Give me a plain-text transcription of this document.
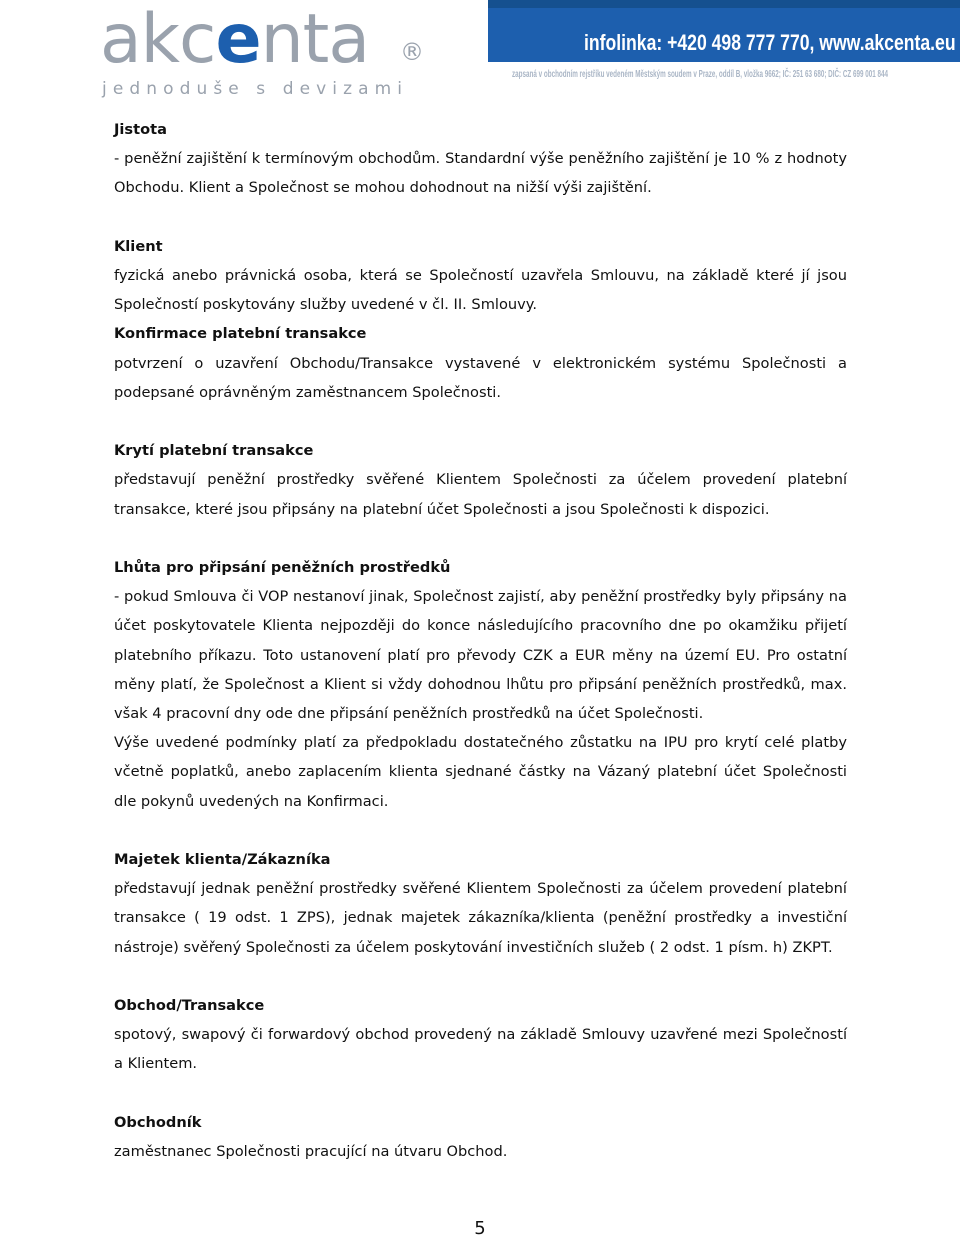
akcenta ®
jednoduše s devizami
infolinka: +420 498 777 770, www.akcenta.eu
zapsaná v obchodním rejstříku vedeném Městským soudem v Praze, oddíl B, vložka 9662; IČ: 251 63 680; DIČ: CZ 699 001 844

Jistota

- peněžní zajištění k termínovým obchodům. Standardní výše peněžního zajištění je 10 % z hodnoty Obchodu. Klient a Společnost se mohou dohodnout na nižší výši zajištění.

Klient

fyzická anebo právnická osoba, která se Společností uzavřela Smlouvu, na základě které jí jsou Společností poskytovány služby uvedené v čl. II. Smlouvy.

Konfirmace platební transakce

potvrzení o uzavření Obchodu/Transakce vystavené v elektronickém systému Společnosti a podepsané oprávněným zaměstnancem Společnosti.

Krytí platební transakce

představují peněžní prostředky svěřené Klientem Společnosti za účelem provedení platební transakce, které jsou připsány na platební účet Společnosti a jsou Společnosti k dispozici.

Lhůta pro připsání peněžních prostředků

- pokud Smlouva či VOP nestanoví jinak, Společnost zajistí, aby peněžní prostředky byly připsány na účet poskytovatele Klienta nejpozději do konce následujícího pracovního dne po okamžiku přijetí platebního příkazu. Toto ustanovení platí pro převody CZK a EUR měny na území EU. Pro ostatní měny platí, že Společnost a Klient si vždy dohodnou lhůtu pro připsání peněžních prostředků, max. však 4 pracovní dny ode dne připsání peněžních prostředků na účet Společnosti.

Výše uvedené podmínky platí za předpokladu dostatečného zůstatku na IPU pro krytí celé platby včetně poplatků, anebo zaplacením klienta sjednané částky na Vázaný platební účet Společnosti dle pokynů uvedených na Konfirmaci.

Majetek klienta/Zákazníka

představují jednak peněžní prostředky svěřené Klientem Společnosti za účelem provedení platební transakce ( 19 odst. 1 ZPS), jednak majetek zákazníka/klienta (peněžní prostředky a investiční nástroje) svěřený Společnosti za účelem poskytování investičních služeb ( 2 odst. 1 písm. h) ZKPT.

Obchod/Transakce

spotový, swapový či forwardový obchod provedený na základě Smlouvy uzavřené mezi Společností a Klientem.

Obchodník

zaměstnanec Společnosti pracující na útvaru Obchod.

5
